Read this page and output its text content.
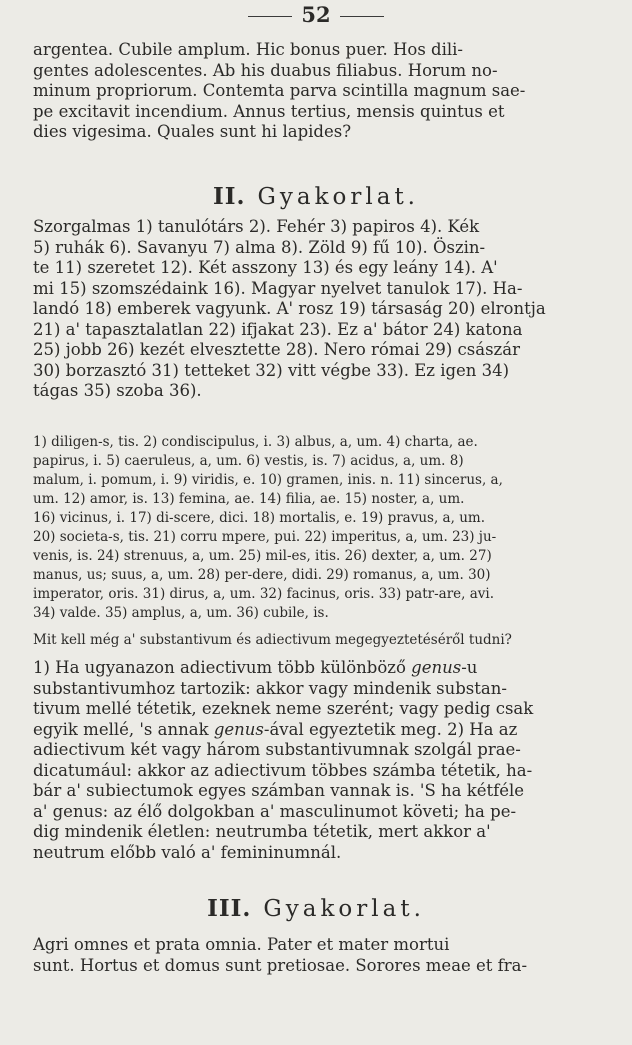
52
argentea. Cubile amplum. Hic bonus puer. Hos dili-
gentes adolescentes. Ab his duabus filiabus. Horum no-
minum propriorum. Contemta parva scintilla magnum sae-
pe excitavit incendium. Annus tertius, mensis quintus et
dies vigesima. Quales sunt hi lapides?
II. Gyakorlat.
Szorgalmas 1) tanulótárs 2). Fehér 3) papiros 4). Kék
5) ruhák 6). Savanyu 7) alma 8). Zöld 9) fű 10). Öszin-
te 11) szeretet 12). Két asszony 13) és egy leány 14). A'
mi 15) szomszédaink 16). Magyar nyelvet tanulok 17). Ha-
landó 18) emberek vagyunk. A' rosz 19) társaság 20) elrontja
21) a' tapasztalatlan 22) ifjakat 23). Ez a' bátor 24) katona
25) jobb 26) kezét elvesztette 28). Nero római 29) császár
30) borzasztó 31) tetteket 32) vitt végbe 33). Ez igen 34)
tágas 35) szoba 36).
1) diligen-s, tis. 2) condiscipulus, i. 3) albus, a, um. 4) charta, ae.
papirus, i. 5) caeruleus, a, um. 6) vestis, is. 7) acidus, a, um. 8)
malum, i. pomum, i. 9) viridis, e. 10) gramen, inis. n. 11) sincerus, a,
um. 12) amor, is. 13) femina, ae. 14) filia, ae. 15) noster, a, um.
16) vicinus, i. 17) di-scere, dici. 18) mortalis, e. 19) pravus, a, um.
20) societa-s, tis. 21) corru mpere, pui. 22) imperitus, a, um. 23) ju-
venis, is. 24) strenuus, a, um. 25) mil-es, itis. 26) dexter, a, um. 27)
manus, us; suus, a, um. 28) per-dere, didi. 29) romanus, a, um. 30)
imperator, oris. 31) dirus, a, um. 32) facinus, oris. 33) patr-are, avi.
34) valde. 35) amplus, a, um. 36) cubile, is.
Mit kell még a' substantivum és adiectivum megegyeztetéséről tudni?
1) Ha ugyanazon adiectivum több különböző genus-u
substantivumhoz tartozik: akkor vagy mindenik substan-
tivum mellé tétetik, ezeknek neme szerént; vagy pedig csak
egyik mellé, 's annak genus-ával egyeztetik meg. 2) Ha az
adiectivum két vagy három substantivumnak szolgál prae-
dicatumául: akkor az adiectivum többes számba tétetik, ha-
bár a' subiectumok egyes számban vannak is. 'S ha kétféle
a' genus: az élő dolgokban a' masculinumot követi; ha pe-
dig mindenik életlen: neutrumba tétetik, mert akkor a'
neutrum előbb való a' femininumnál.
III. Gyakorlat.
Agri omnes et prata omnia. Pater et mater mortui
sunt. Hortus et domus sunt pretiosae. Sorores meae et fra-
